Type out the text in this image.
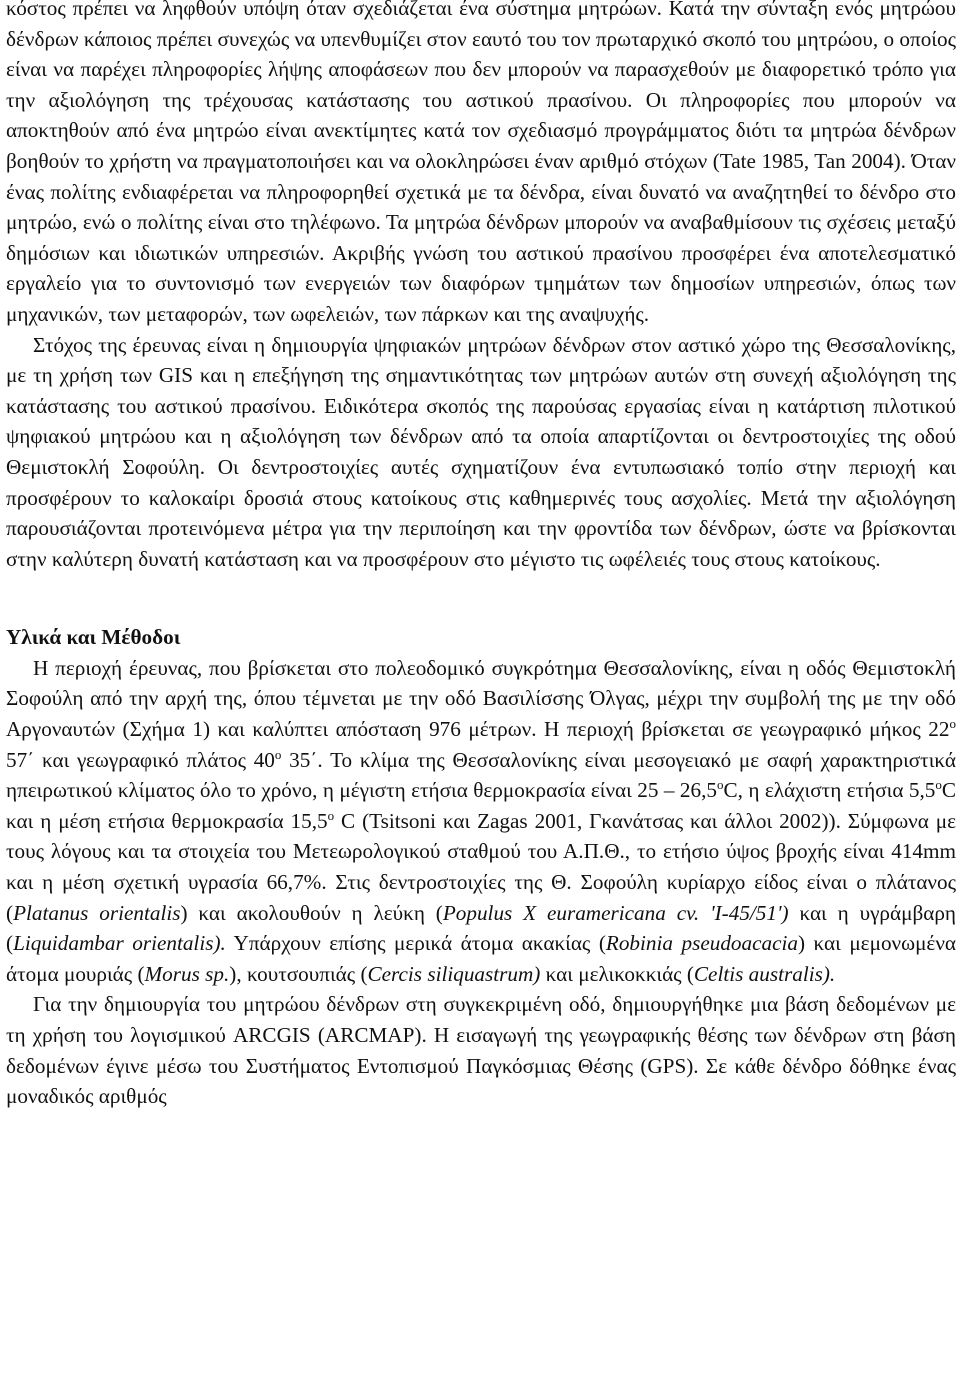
κόστος πρέπει να ληφθούν υπόψη όταν σχεδιάζεται ένα σύστημα μητρώων. Κατά την σύνταξη ενός μητρώου δένδρων κάποιος πρέπει συνεχώς να υπενθυμίζει στον εαυτό του τον πρωταρχικό σκοπό του μητρώου, ο οποίος είναι να παρέχει πληροφορίες λήψης αποφάσεων που δεν μπορούν να παρασχεθούν με διαφορετικό τρόπο για την αξιολόγηση της τρέχουσας κατάστασης του αστικού πρασίνου. Οι πληροφορίες που μπορούν να αποκτηθούν από ένα μητρώο είναι ανεκτίμητες κατά τον σχεδιασμό προγράμματος διότι τα μητρώα δένδρων βοηθούν το χρήστη να πραγματοποιήσει και να ολοκληρώσει έναν αριθμό στόχων (Tate 1985, Tan 2004). Όταν ένας πολίτης ενδιαφέρεται να πληροφορηθεί σχετικά με τα δένδρα, είναι δυνατό να αναζητηθεί το δένδρο στο μητρώο, ενώ ο πολίτης είναι στο τηλέφωνο. Τα μητρώα δένδρων μπορούν να αναβαθμίσουν τις σχέσεις μεταξύ δημόσιων και ιδιωτικών υπηρεσιών. Ακριβής γνώση του αστικού πρασίνου προσφέρει ένα αποτελεσματικό εργαλείο για το συντονισμό των ενεργειών των διαφόρων τμημάτων των δημοσίων υπηρεσιών, όπως των μηχανικών, των μεταφορών, των ωφελειών, των πάρκων και της αναψυχής.

Στόχος της έρευνας είναι η δημιουργία ψηφιακών μητρώων δένδρων στον αστικό χώρο της Θεσσαλονίκης, με τη χρήση των GIS και η επεξήγηση της σημαντικότητας των μητρώων αυτών στη συνεχή αξιολόγηση της κατάστασης του αστικού πρασίνου. Ειδικότερα σκοπός της παρούσας εργασίας είναι η κατάρτιση πιλοτικού ψηφιακού μητρώου και η αξιολόγηση των δένδρων από τα οποία απαρτίζονται οι δεντροστοιχίες της οδού Θεμιστοκλή Σοφούλη. Οι δεντροστοιχίες αυτές σχηματίζουν ένα εντυπωσιακό τοπίο στην περιοχή και προσφέρουν το καλοκαίρι δροσιά στους κατοίκους στις καθημερινές τους ασχολίες. Μετά την αξιολόγηση παρουσιάζονται προτεινόμενα μέτρα για την περιποίηση και την φροντίδα των δένδρων, ώστε να βρίσκονται στην καλύτερη δυνατή κατάσταση και να προσφέρουν στο μέγιστο τις ωφέλειές τους στους κατοίκους.

Υλικά και Μέθοδοι

Η περιοχή έρευνας, που βρίσκεται στο πολεοδομικό συγκρότημα Θεσσαλονίκης, είναι η οδός Θεμιστοκλή Σοφούλη από την αρχή της, όπου τέμνεται με την οδό Βασιλίσσης Όλγας, μέχρι την συμβολή της με την οδό Αργοναυτών (Σχήμα 1) και καλύπτει απόσταση 976 μέτρων. Η περιοχή βρίσκεται σε γεωγραφικό μήκος $22^o$ 57΄ και γεωγραφικό πλάτος $40^o$ 35΄. Το κλίμα της Θεσσαλονίκης είναι μεσογειακό με σαφή χαρακτηριστικά ηπειρωτικού κλίματος όλο το χρόνο, η μέγιστη ετήσια θερμοκρασία είναι $25 - 26,5^oC$, η ελάχιστη ετήσια $5,5^oC$ και η μέση ετήσια θερμοκρασία $15,5^o$ C (Tsitsoni και Zagas 2001, Γκανάτσας και άλλοι 2002)). Σύμφωνα με τους λόγους και τα στοιχεία του Μετεωρολογικού σταθμού του Α.Π.Θ., το ετήσιο ύψος βροχής είναι 414mm και η μέση σχετική υγρασία 66,7%. Στις δεντροστοιχίες της Θ. Σοφούλη κυρίαρχο είδος είναι ο πλάτανος (Platanus orientalis) και ακολουθούν η λεύκη (Populus X euramericana cv. 'I-45/51') και η υγράμβαρη (Liquidambar orientalis). Υπάρχουν επίσης μερικά άτομα ακακίας (Robinia pseudoacacia) και μεμονωμένα άτομα μουριάς (Morus sp.), κουτσουπιάς (Cercis siliquastrum) και μελικοκκιάς (Celtis australis).

Για την δημιουργία του μητρώου δένδρων στη συγκεκριμένη οδό, δημιουργήθηκε μια βάση δεδομένων με τη χρήση του λογισμικού ARCGIS (ARCMAP). Η εισαγωγή της γεωγραφικής θέσης των δένδρων στη βάση δεδομένων έγινε μέσω του Συστήματος Εντοπισμού Παγκόσμιας Θέσης (GPS). Σε κάθε δένδρο δόθηκε ένας μοναδικός αριθμός
